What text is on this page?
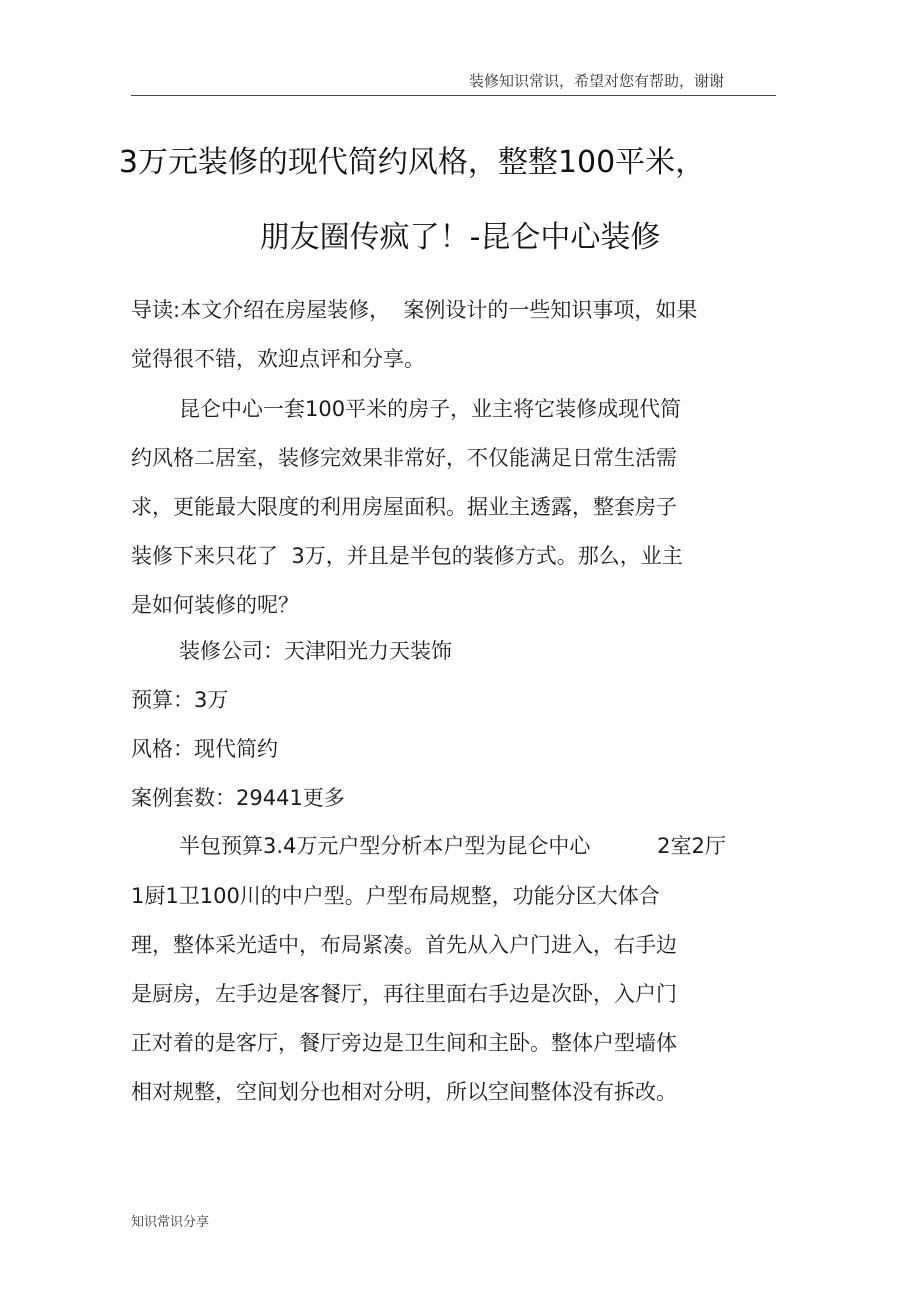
装修知识常识，希望对您有帮助，谢谢
3万元装修的现代简约风格，整整100平米，
朋友圈传疯了！-昆仑中心装修
导读:本文介绍在房屋装修，  案例设计的一些知识事项，如果
觉得很不错，欢迎点评和分享。
昆仑中心一套100平米的房子，业主将它装修成现代简
约风格二居室，装修完效果非常好，不仅能满足日常生活需
求，更能最大限度的利用房屋面积。据业主透露，整套房子
装修下来只花了  3万，并且是半包的装修方式。那么，业主
是如何装修的呢？
装修公司：天津阳光力天装饰
预算：3万
风格：现代简约
案例套数：29441更多
半包预算3.4万元户型分析本户型为昆仑中心          2室2厅
1厨1卫100川的中户型。户型布局规整，功能分区大体合
理，整体采光适中，布局紧凑。首先从入户门进入，右手边
是厨房，左手边是客餐厅，再往里面右手边是次卧，入户门
正对着的是客厅，餐厅旁边是卫生间和主卧。整体户型墙体
相对规整，空间划分也相对分明，所以空间整体没有拆改。
知识常识分享
